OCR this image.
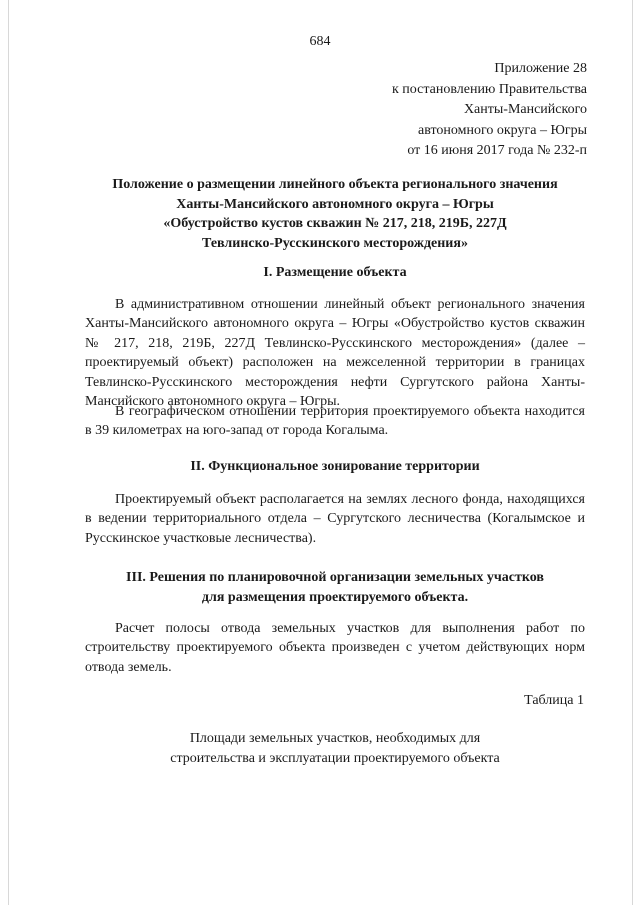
684
Приложение 28
к постановлению Правительства
Ханты-Мансийского
автономного округа – Югры
от 16 июня 2017 года № 232-п
Положение о размещении линейного объекта регионального значения
Ханты-Мансийского автономного округа – Югры
«Обустройство кустов скважин № 217, 218, 219Б, 227Д
Тевлинско-Русскинского месторождения»
I. Размещение объекта

В административном отношении линейный объект регионального значения Ханты-Мансийского автономного округа – Югры «Обустройство кустов скважин № 217, 218, 219Б, 227Д Тевлинско-Русскинского месторождения» (далее – проектируемый объект) расположен на межселенной территории в границах Тевлинско-Русскинского месторождения нефти Сургутского района Ханты-Мансийского автономного округа – Югры.

В географическом отношении территория проектируемого объекта находится в 39 километрах на юго-запад от города Когалыма.

II. Функциональное зонирование территории

Проектируемый объект располагается на землях лесного фонда, находящихся в ведении территориального отдела – Сургутского лесничества (Когалымское и Русскинское участковые лесничества).

III. Решения по планировочной организации земельных участков
для размещения проектируемого объекта.

Расчет полосы отвода земельных участков для выполнения работ по строительству проектируемого объекта произведен с учетом действующих норм отвода земель.

Таблица 1
Площади земельных участков, необходимых для
строительства и эксплуатации проектируемого объекта
